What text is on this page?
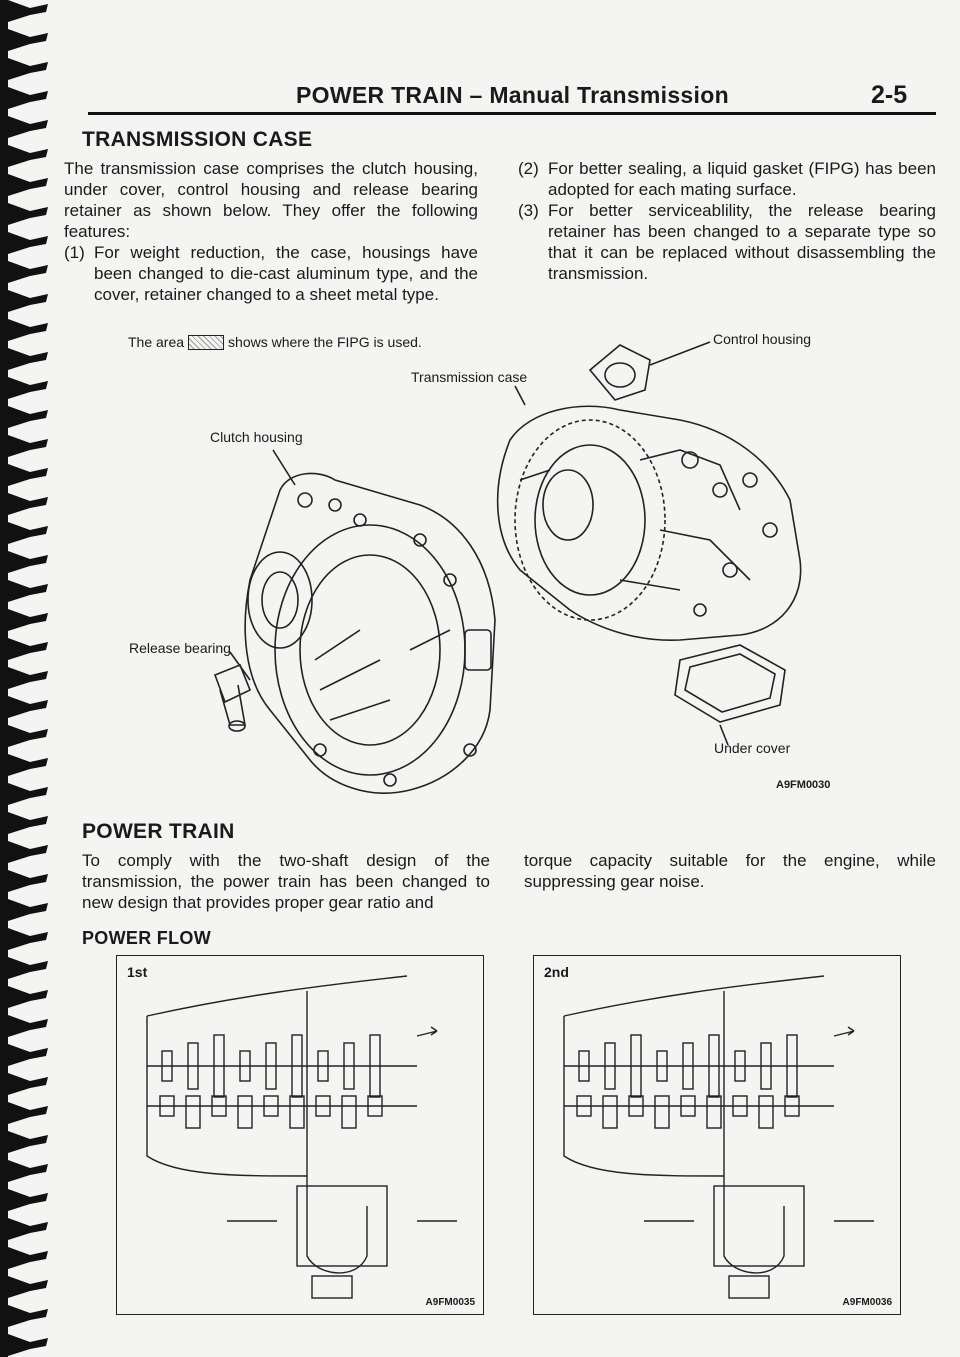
POWER TRAIN – Manual Transmission	2-5
TRANSMISSION CASE
The transmission case comprises the clutch housing, under cover, control housing and release bearing retainer as shown below. They offer the following features:
(1) For weight reduction, the case, housings have been changed to die-cast aluminum type, and the cover, retainer changed to a sheet metal type.
(2) For better sealing, a liquid gasket (FIPG) has been adopted for each mating surface.
(3) For better serviceablility, the release bearing retainer has been changed to a separate type so that it can be replaced without disassembling the transmission.
The area	shows where the FIPG is used.	Control housing
Transmission case
Clutch housing
Release bearing
Under cover
A9FM0030
POWER TRAIN
To comply with the two-shaft design of the transmission, the power train has been changed to new design that provides proper gear ratio and
torque capacity suitable for the engine, while suppressing gear noise.
POWER FLOW
1st
A9FM0035
2nd
A9FM0036
